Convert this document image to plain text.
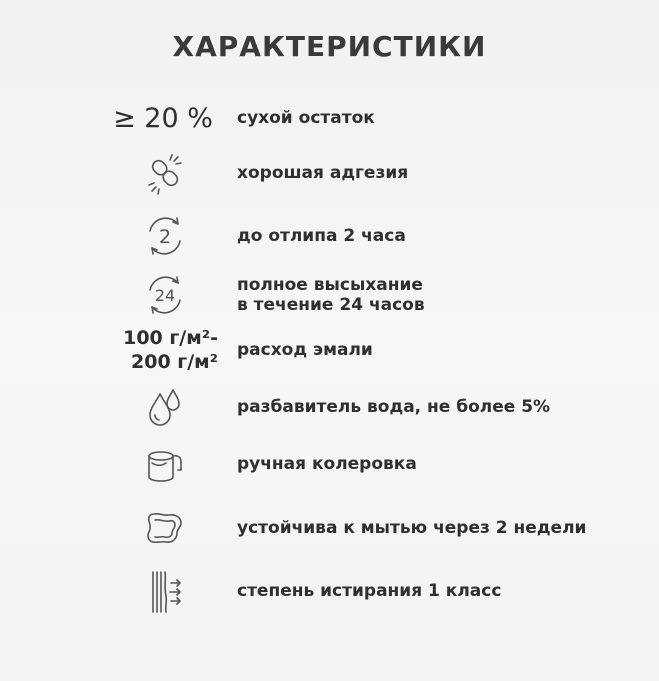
ХАРАКТЕРИСТИКИ
≥ 20 % сухой остаток
хорошая адгезия
2	до отлипа 2 часа
24
полное высыхание
в течение 24 часов
100 г/м²-
200 г/м²
расход эмали
разбавитель вода, не более 5%
ручная колеровка
устойчива к мытью через 2 недели
степень истирания 1 класс
